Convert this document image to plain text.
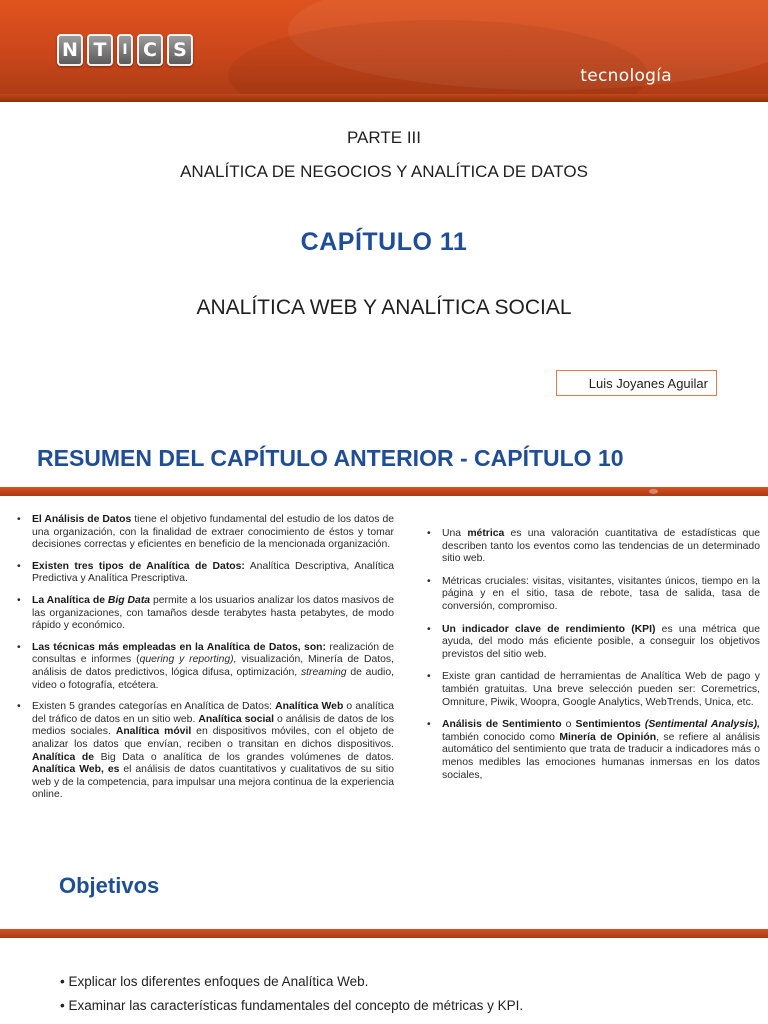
N T	I C S
tecnología
PARTE III
ANALÍTICA DE NEGOCIOS Y ANALÍTICA DE DATOS
CAPÍTULO 11
ANALÍTICA WEB Y ANALÍTICA SOCIAL
Luis Joyanes Aguilar
RESUMEN DEL CAPÍTULO ANTERIOR - CAPÍTULO 10
• El Análisis de Datos tiene el objetivo fundamental del estudio de los datos de una organización, con la finalidad de extraer conocimiento de éstos y tomar decisiones correctas y eficientes en beneficio de la mencionada organización.
• Existen tres tipos de Analítica de Datos: Analítica Descriptiva, Analítica Predictiva y Analítica Prescriptiva.
• La Analítica de Big Data permite a los usuarios analizar los datos masivos de las organizaciones, con tamaños desde terabytes hasta petabytes, de modo rápido y económico.
• Las técnicas más empleadas en la Analítica de Datos, son: realización de consultas e informes (quering y reporting), visualización, Minería de Datos, análisis de datos predictivos, lógica difusa, optimización, streaming de audio, video o fotografía, etcétera.
• Existen 5 grandes categorías en Analítica de Datos: Analítica Web o analítica del tráfico de datos en un sitio web. Analítica social o análisis de datos de los medios sociales. Analítica móvil en dispositivos móviles, con el objeto de analizar los datos que envían, reciben o transitan en dichos dispositivos. Analítica de Big Data o analítica de los grandes volúmenes de datos. Analítica Web, es el análisis de datos cuantitativos y cualitativos de su sitio web y de la competencia, para impulsar una mejora continua de la experiencia online.
• Una métrica es una valoración cuantitativa de estadísticas que describen tanto los eventos como las tendencias de un determinado sitio web.
• Métricas cruciales: visitas, visitantes, visitantes únicos, tiempo en la página y en el sitio, tasa de rebote, tasa de salida, tasa de conversión, compromiso.
• Un indicador clave de rendimiento (KPI) es una métrica que ayuda, del modo más eficiente posible, a conseguir los objetivos previstos del sitio web.
• Existe gran cantidad de herramientas de Analítica Web de pago y también gratuitas. Una breve selección pueden ser: Coremetrics, Omniture, Piwik, Woopra, Google Analytics, WebTrends, Unica, etc.
• Análisis de Sentimiento o Sentimientos (Sentimental Analysis), también conocido como Minería de Opinión, se refiere al análisis automático del sentimiento que trata de traducir a indicadores más o menos medibles las emociones humanas inmersas en los datos sociales,
Objetivos
• Explicar los diferentes enfoques de Analítica Web.
• Examinar las características fundamentales del concepto de métricas y KPI.
